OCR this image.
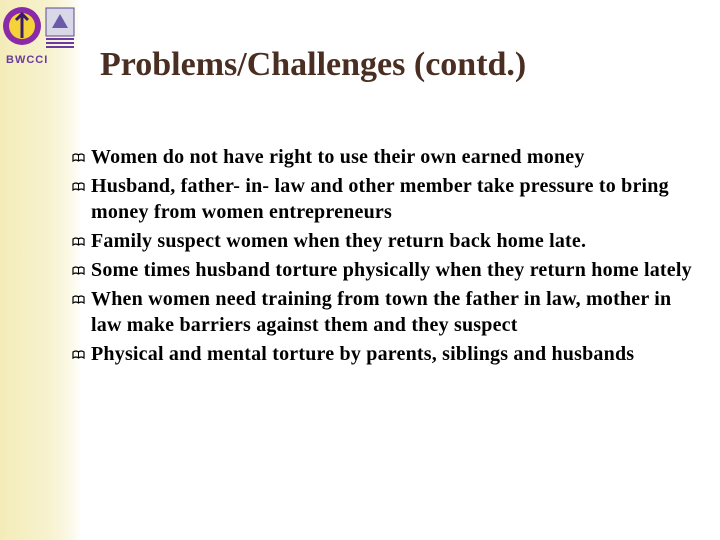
BWCCI Problems/Challenges (contd.)
Women do not have right to use their own earned money
Husband, father- in- law and other member take pressure to bring money from women entrepreneurs
Family suspect women when they return back home late.
Some times husband torture physically when they return home lately
When women need training from town the father in law, mother in law make barriers against them and they suspect
Physical and mental torture by parents, siblings and husbands
